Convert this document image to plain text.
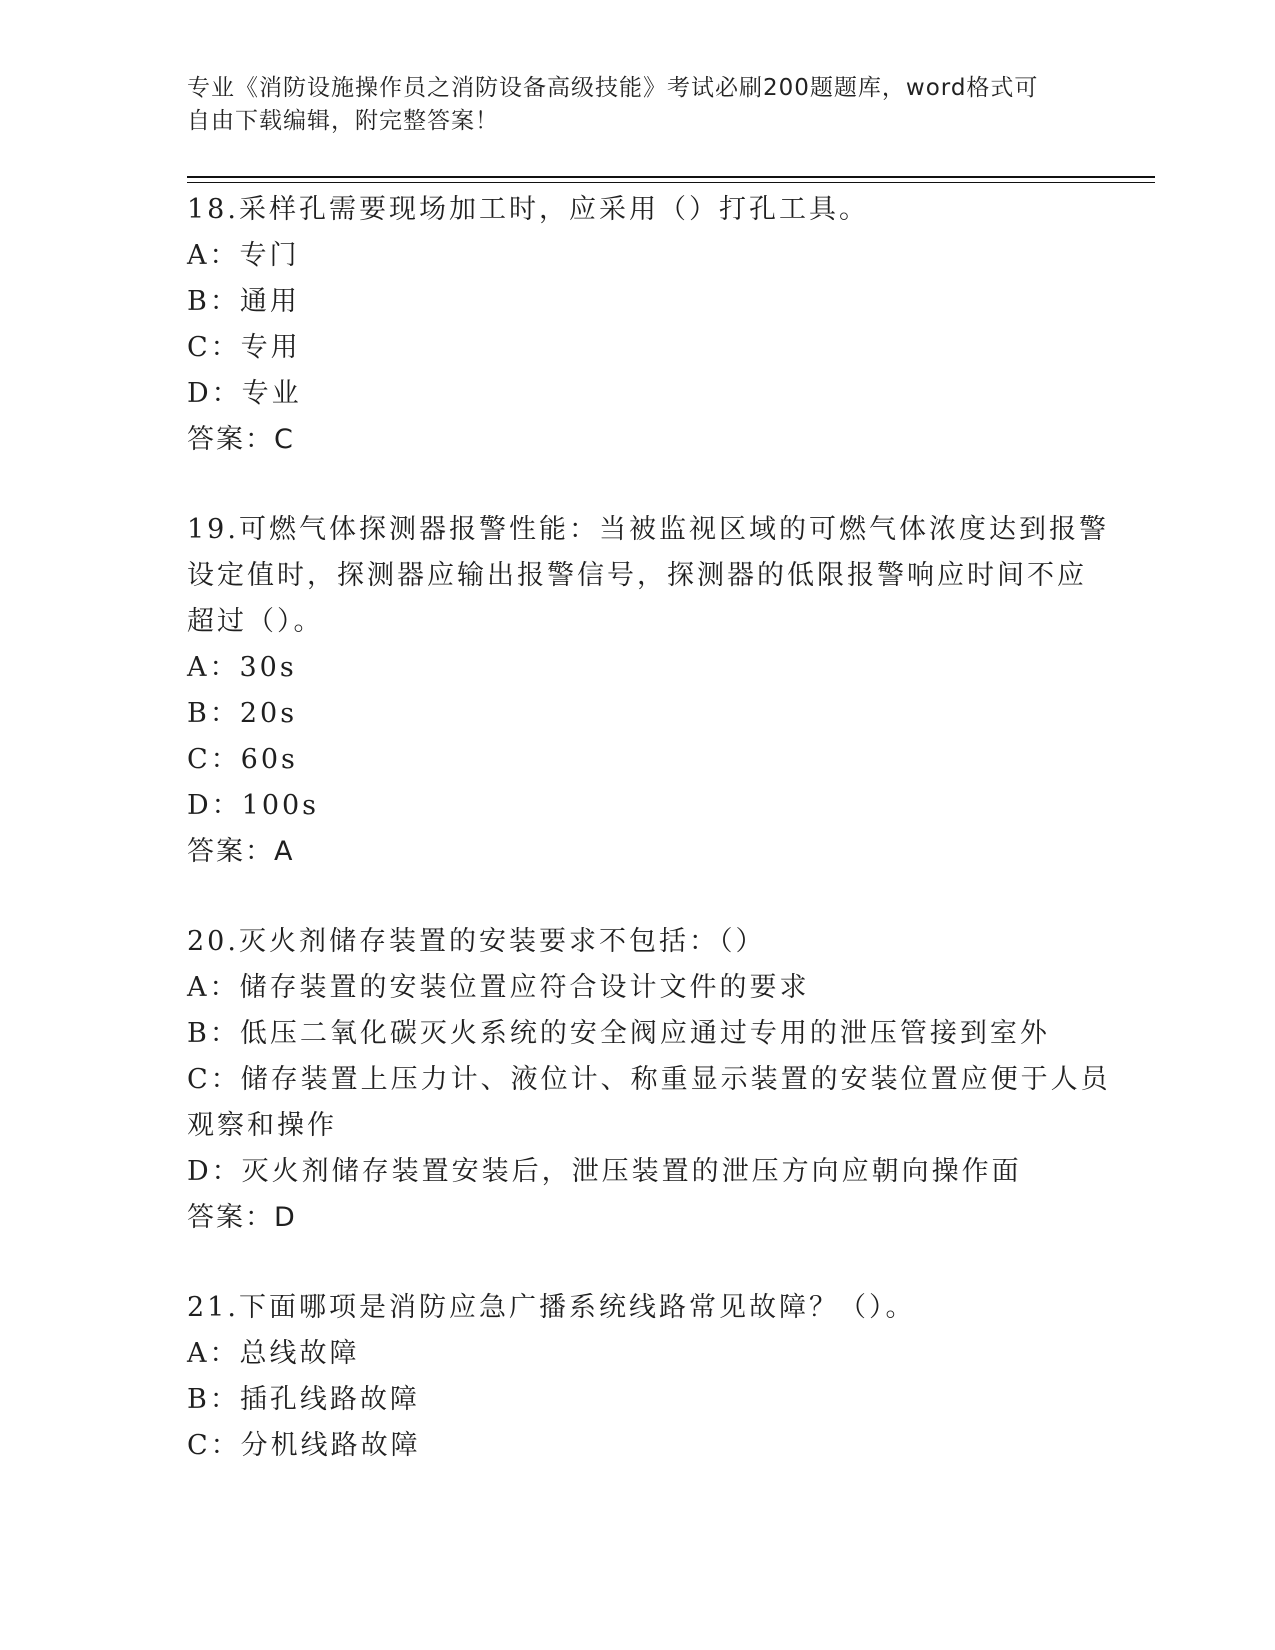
专业《消防设施操作员之消防设备高级技能》考试必刷200题题库，word格式可
自由下载编辑，附完整答案！
18.采样孔需要现场加工时，应采用（）打孔工具。
A：专门
B：通用
C：专用
D：专业
答案：C
19.可燃气体探测器报警性能：当被监视区域的可燃气体浓度达到报警
设定值时，探测器应输出报警信号，探测器的低限报警响应时间不应
超过（）。
A：30s
B：20s
C：60s
D：100s
答案：A
20.灭火剂储存装置的安装要求不包括：（）
A：储存装置的安装位置应符合设计文件的要求
B：低压二氧化碳灭火系统的安全阀应通过专用的泄压管接到室外
C：储存装置上压力计、液位计、称重显示装置的安装位置应便于人员
观察和操作
D：灭火剂储存装置安装后，泄压装置的泄压方向应朝向操作面
答案：D
21.下面哪项是消防应急广播系统线路常见故障？（）。
A：总线故障
B：插孔线路故障
C：分机线路故障
